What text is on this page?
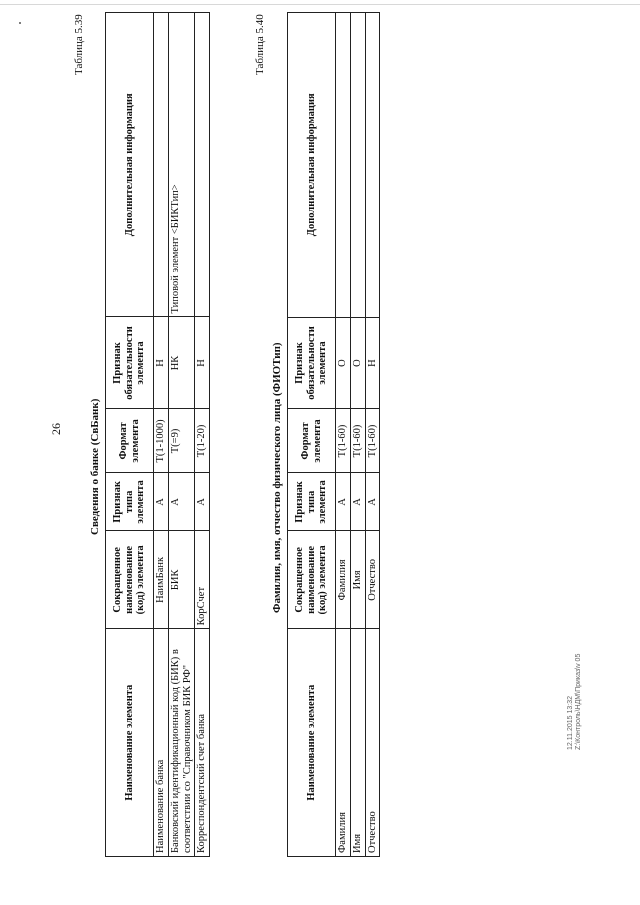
26
Таблица 5.39
Сведения о банке (СвБанк)
Наименование элемента	Сокращенное наименование (код) элемента	Признак типа элемента	Формат элемента	Признак обязательности элемента	Дополнительная информация
Наименование банка	НаимБанк	А	T(1-1000)	Н	
Банковский идентификационный код (БИК) в соответствии со "Справочником БИК РФ"	БИК	А	T(=9)	НК	Типовой элемент <БИКТип>
Корреспондентский счет банка	КорСчет	А	T(1-20)	Н	
Таблица 5.40
Фамилия, имя, отчество физического лица (ФИОТип)
Наименование элемента	Сокращенное наименование (код) элемента	Признак типа элемента	Формат элемента	Признак обязательности элемента	Дополнительная информация
Фамилия	Фамилия	А	T(1-60)	О	
Имя	Имя	А	T(1-60)	О	
Отчество	Отчество	А	T(1-60)	Н	
12.11.2015 13:32 Z:\Контроль\НДМ\Приказ\v 05
